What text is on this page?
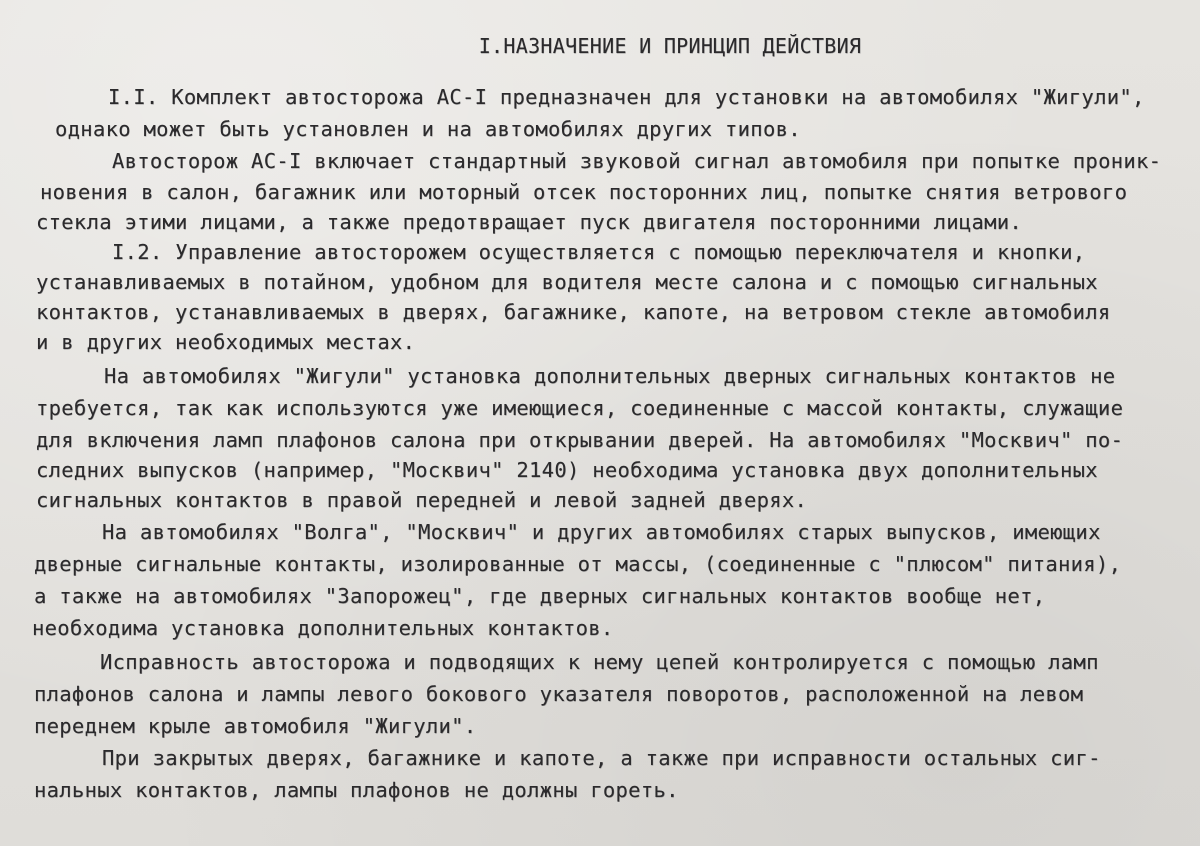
I.НАЗНАЧЕНИЕ И ПРИНЦИП ДЕЙСТВИЯ
I.I. Комплект автосторожа АС-I предназначен для установки на автомобилях "Жигули",
однако может быть установлен и на автомобилях других типов.
Автосторож АС-I включает стандартный звуковой сигнал автомобиля при попытке проник-
новения в салон, багажник или моторный отсек посторонних лиц, попытке снятия ветрового
стекла этими лицами, а также предотвращает пуск двигателя посторонними лицами.
I.2. Управление автосторожем осуществляется с помощью переключателя и кнопки,
устанавливаемых в потайном, удобном для водителя месте салона и с помощью сигнальных
контактов, устанавливаемых в дверях, багажнике, капоте, на ветровом стекле автомобиля
и в других необходимых местах.
На автомобилях "Жигули" установка дополнительных дверных сигнальных контактов не
требуется, так как используются уже имеющиеся, соединенные с массой контакты, служащие
для включения ламп плафонов салона при открывании дверей. На автомобилях "Москвич" по-
следних выпусков (например, "Москвич" 2140) необходима установка двух дополнительных
сигнальных контактов в правой передней и левой задней дверях.
На автомобилях "Волга", "Москвич" и других автомобилях старых выпусков, имеющих
дверные сигнальные контакты, изолированные от массы, (соединенные с "плюсом" питания),
а также на автомобилях "Запорожец", где дверных сигнальных контактов вообще нет,
необходима установка дополнительных контактов.
Исправность автосторожа и подводящих к нему цепей контролируется с помощью ламп
плафонов салона и лампы левого бокового указателя поворотов, расположенной на левом
переднем крыле автомобиля "Жигули".
При закрытых дверях, багажнике и капоте, а также при исправности остальных сиг-
нальных контактов, лампы плафонов не должны гореть.
